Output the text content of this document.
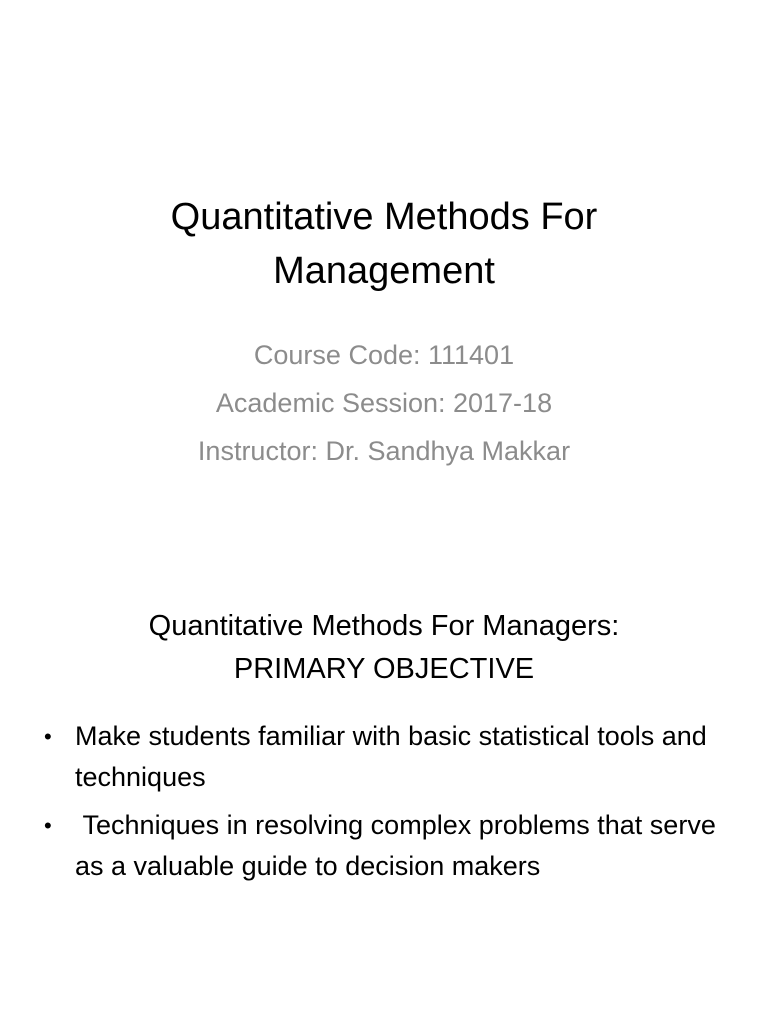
Quantitative Methods For
Management
Course Code: 111401
Academic Session: 2017-18
Instructor: Dr. Sandhya Makkar
Quantitative Methods For Managers:
PRIMARY OBJECTIVE
• Make students familiar with basic statistical tools and techniques
• Techniques in resolving complex problems that serve as a valuable guide to decision makers
